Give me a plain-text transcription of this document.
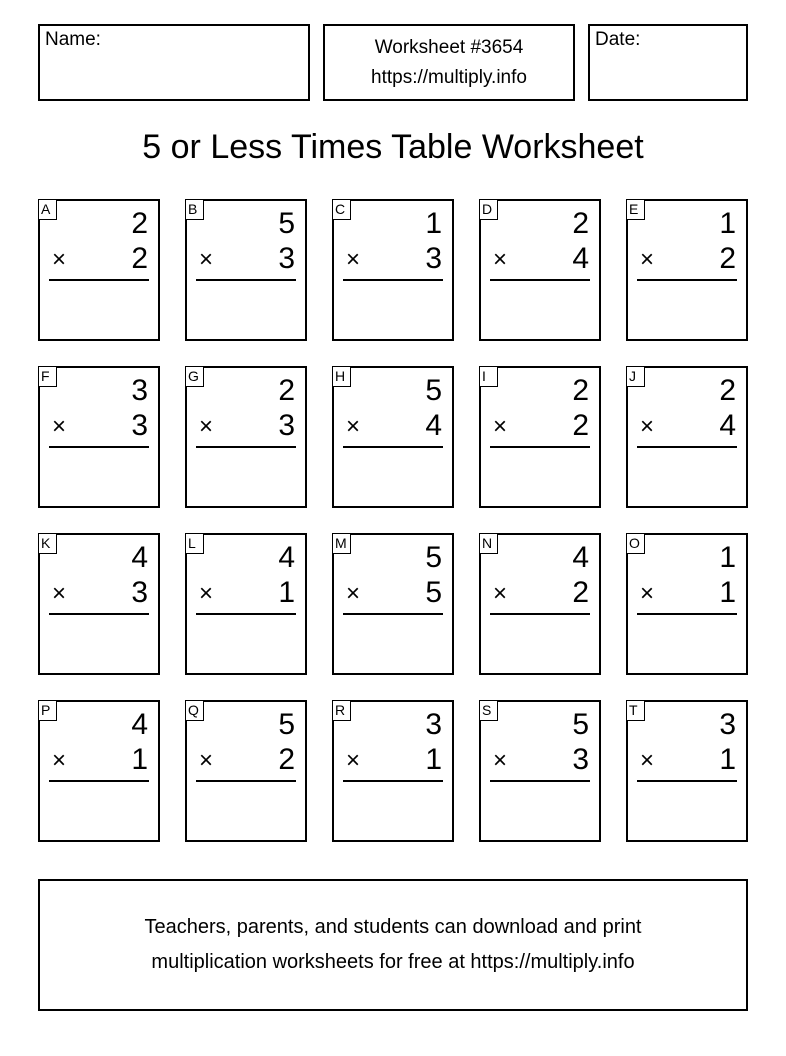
Name:	Worksheet #3654
https://multiply.info
Date:
5 or Less Times Table Worksheet
A	2
× 2
B	5
× 3
C	1
× 3
D	2
× 4
E	1
× 2
F	3
× 3
G	2
× 3
H	5
× 4
I	2
× 2
J	2
× 4
K	4
× 3
L	4
× 1
M	5
× 5
N	4
× 2
O	1
× 1
P	4
× 1
Q	5
× 2
R	3
× 1
S	5
× 3
T	3
× 1
Teachers, parents, and students can download and print
multiplication worksheets for free at https://multiply.info
